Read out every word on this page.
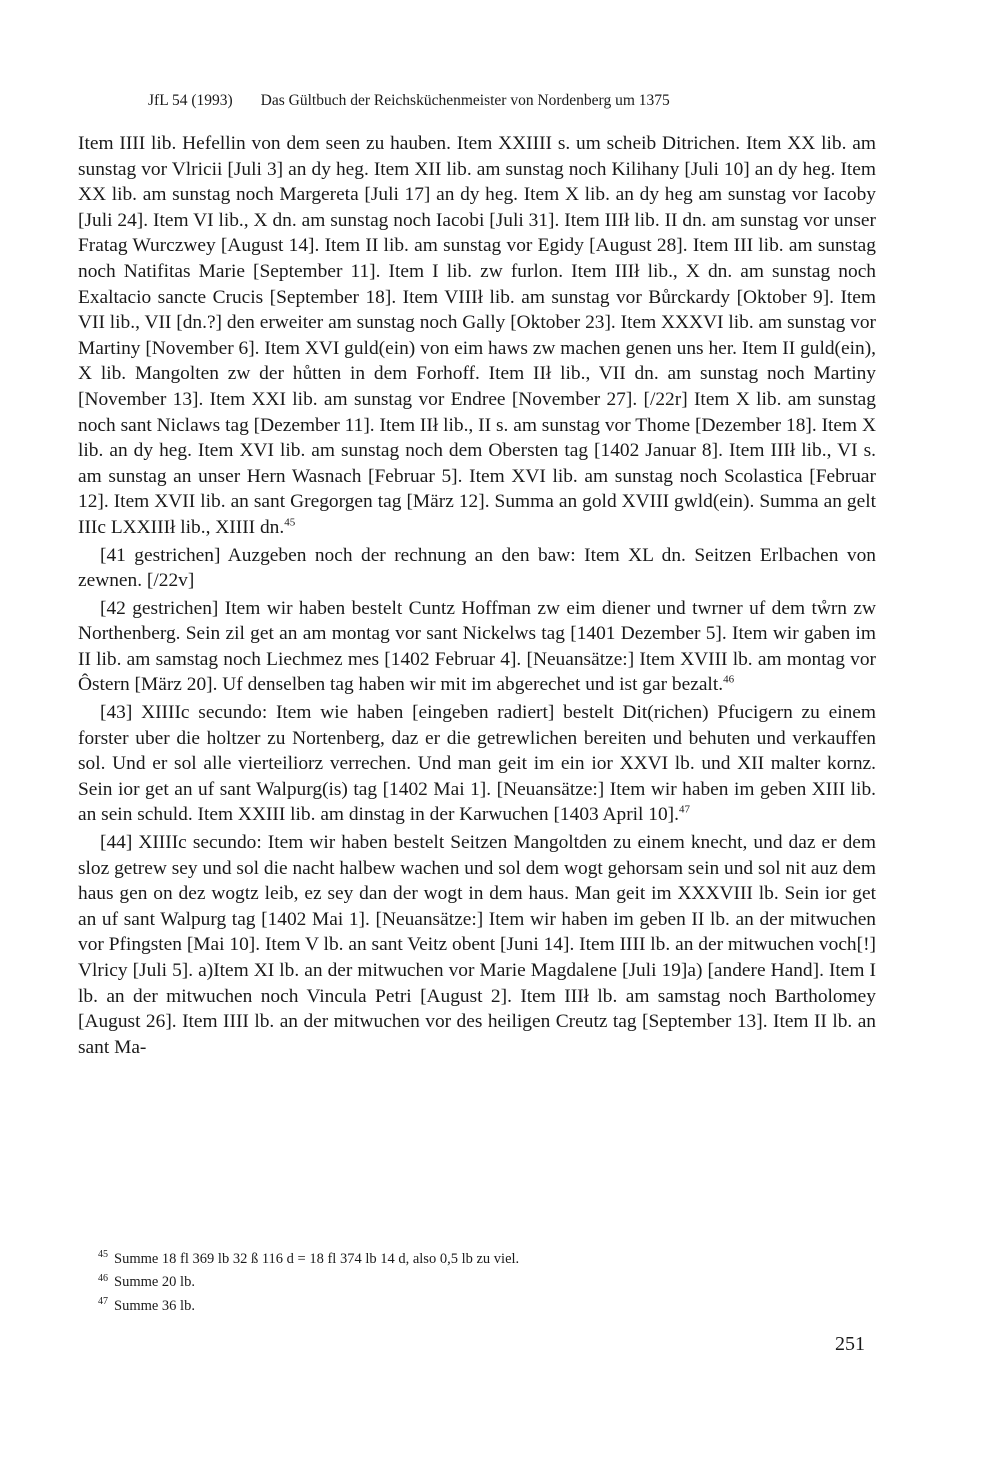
JfL 54 (1993) Das Gültbuch der Reichsküchenmeister von Nordenberg um 1375

Item IIII lib. Hefellin von dem seen zu hauben. Item XXIIII s. um scheib Ditrichen. Item XX lib. am sunstag vor Vlricii [Juli 3] an dy heg. Item XII lib. am sunstag noch Kilihany [Juli 10] an dy heg. Item XX lib. am sunstag noch Margereta [Juli 17] an dy heg. Item X lib. an dy heg am sunstag vor Iacoby [Juli 24]. Item VI lib., X dn. am sunstag noch Iacobi [Juli 31]. Item IIIł lib. II dn. am sunstag vor unser Fratag Wurczwey [August 14]. Item II lib. am sunstag vor Egidy [August 28]. Item III lib. am sunstag noch Natifitas Marie [September 11]. Item I lib. zw furlon. Item IIIł lib., X dn. am sunstag noch Exaltacio sancte Crucis [September 18]. Item VIIIł lib. am sunstag vor Bůrckardy [Oktober 9]. Item VII lib., VII [dn.?] den erweiter am sunstag noch Gally [Oktober 23]. Item XXXVI lib. am sunstag vor Martiny [November 6]. Item XVI guld(ein) von eim haws zw machen genen uns her. Item II guld(ein), X lib. Mangolten zw der hůtten in dem Forhoff. Item IIł lib., VII dn. am sunstag noch Martiny [November 13]. Item XXI lib. am sunstag vor Endree [November 27]. [/22r] Item X lib. am sunstag noch sant Niclaws tag [Dezember 11]. Item IIł lib., II s. am sunstag vor Thome [Dezember 18]. Item X lib. an dy heg. Item XVI lib. am sunstag noch dem Obersten tag [1402 Januar 8]. Item IIIł lib., VI s. am sunstag an unser Hern Wasnach [Februar 5]. Item XVI lib. am sunstag noch Scolastica [Februar 12]. Item XVII lib. an sant Gregorgen tag [März 12]. Summa an gold XVIII gwld(ein). Summa an gelt IIIc LXXIIIł lib., XIIII dn.$^{45}$

[41 gestrichen] Auzgeben noch der rechnung an den baw: Item XL dn. Seitzen Erlbachen von zewnen. [/22v]

[42 gestrichen] Item wir haben bestelt Cuntz Hoffman zw eim diener und twrner uf dem tẘrn zw Northenberg. Sein zil get an am montag vor sant Nickelws tag [1401 Dezember 5]. Item wir gaben im II lib. am samstag noch Liechmez mes [1402 Februar 4]. [Neuansätze:] Item XVIII lb. am montag vor Ôstern [März 20]. Uf denselben tag haben wir mit im abgerechet und ist gar bezalt.$^{46}$

[43] XIIIIc secundo: Item wie haben [eingeben radiert] bestelt Dit(richen) Pfucigern zu einem forster uber die holtzer zu Nortenberg, daz er die getrewlichen bereiten und behuten und verkauffen sol. Und er sol alle vierteiliorz verrechen. Und man geit im ein ior XXVI lb. und XII malter kornz. Sein ior get an uf sant Walpurg(is) tag [1402 Mai 1]. [Neuansätze:] Item wir haben im geben XIII lib. an sein schuld. Item XXIII lib. am dinstag in der Karwuchen [1403 April 10].$^{47}$

[44] XIIIIc secundo: Item wir haben bestelt Seitzen Mangoltden zu einem knecht, und daz er dem sloz getrew sey und sol die nacht halbew wachen und sol dem wogt gehorsam sein und sol nit auz dem haus gen on dez wogtz leib, ez sey dan der wogt in dem haus. Man geit im XXXVIII lb. Sein ior get an uf sant Walpurg tag [1402 Mai 1]. [Neuansätze:] Item wir haben im geben II lb. an der mitwuchen vor Pfingsten [Mai 10]. Item V lb. an sant Veitz obent [Juni 14]. Item IIII lb. an der mitwuchen voch[!] Vlricy [Juli 5]. a)Item XI lb. an der mitwuchen vor Marie Magdalene [Juli 19]a) [andere Hand]. Item I lb. an der mitwuchen noch Vincula Petri [August 2]. Item IIIł lb. am samstag noch Bartholomey [August 26]. Item IIII lb. an der mitwuchen vor des heiligen Creutz tag [September 13]. Item II lb. an sant Ma-

$^{45}$ Summe 18 fl 369 lb 32 ß 116 d = 18 fl 374 lb 14 d, also 0,5 lb zu viel.
$^{46}$ Summe 20 lb.
$^{47}$ Summe 36 lb.
251
